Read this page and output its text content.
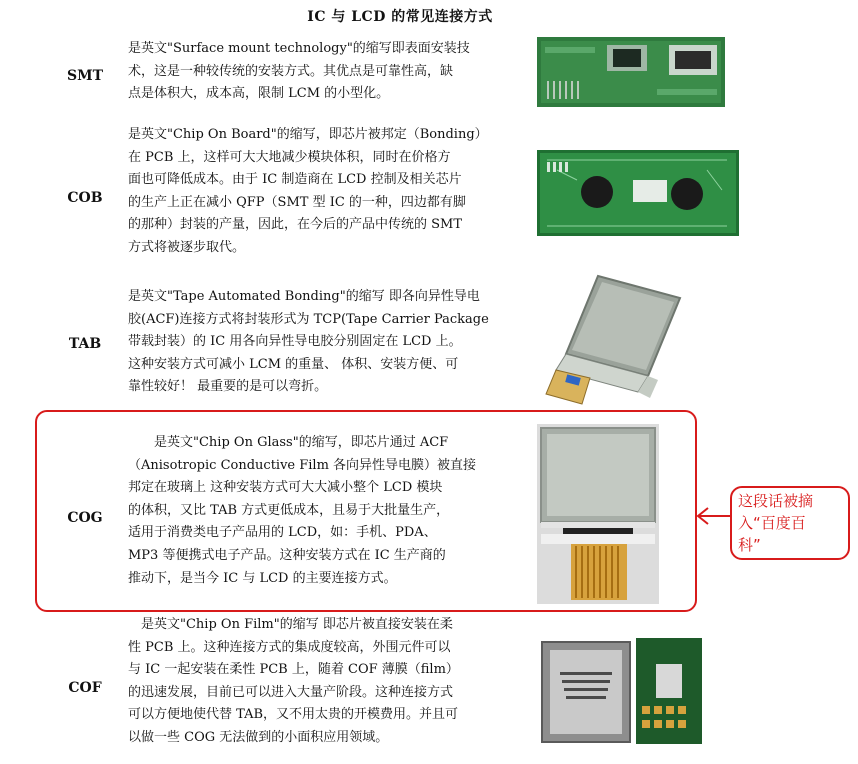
IC 与 LCD 的常见连接方式
SMT
是英文"Surface mount technology"的缩写即表面安装技
术，这是一种较传统的安装方式。其优点是可靠性高，缺
点是体积大，成本高，限制 LCM 的小型化。
COB
是英文"Chip On Board"的缩写，即芯片被邦定（Bonding）
在 PCB 上，这样可大大地减少模块体积，同时在价格方
面也可降低成本。由于 IC 制造商在 LCD 控制及相关芯片
的生产上正在减小 QFP（SMT 型 IC 的一种，四边都有脚
的那种）封装的产量，因此，在今后的产品中传统的 SMT
方式将被逐步取代。
TAB
是英文"Tape Automated Bonding"的缩写 即各向异性导电
胶(ACF)连接方式将封装形式为 TCP(Tape Carrier Package
带载封装）的 IC 用各向异性导电胶分别固定在 LCD 上。
这种安装方式可减小 LCM 的重量、 体积、安装方便、可
靠性较好！ 最重要的是可以弯折。
COG
　　是英文"Chip On Glass"的缩写，即芯片通过 ACF
（Anisotropic Conductive Film 各向异性导电膜）被直接
邦定在玻璃上 这种安装方式可大大减小整个 LCD 模块
的体积，又比 TAB 方式更低成本，且易于大批量生产，
适用于消费类电子产品用的 LCD，如：手机、PDA、
MP3 等便携式电子产品。这种安装方式在 IC 生产商的
推动下，是当今 IC 与 LCD 的主要连接方式。
这段话被摘
入“百度百
科”
COF
　是英文"Chip On Film"的缩写 即芯片被直接安装在柔
性 PCB 上。这种连接方式的集成度较高，外围元件可以
与 IC 一起安装在柔性 PCB 上，随着 COF 薄膜（film）
的迅速发展，目前已可以进入大量产阶段。这种连接方式
可以方便地使代替 TAB，又不用太贵的开模费用。并且可
以做一些 COG 无法做到的小面积应用领域。
